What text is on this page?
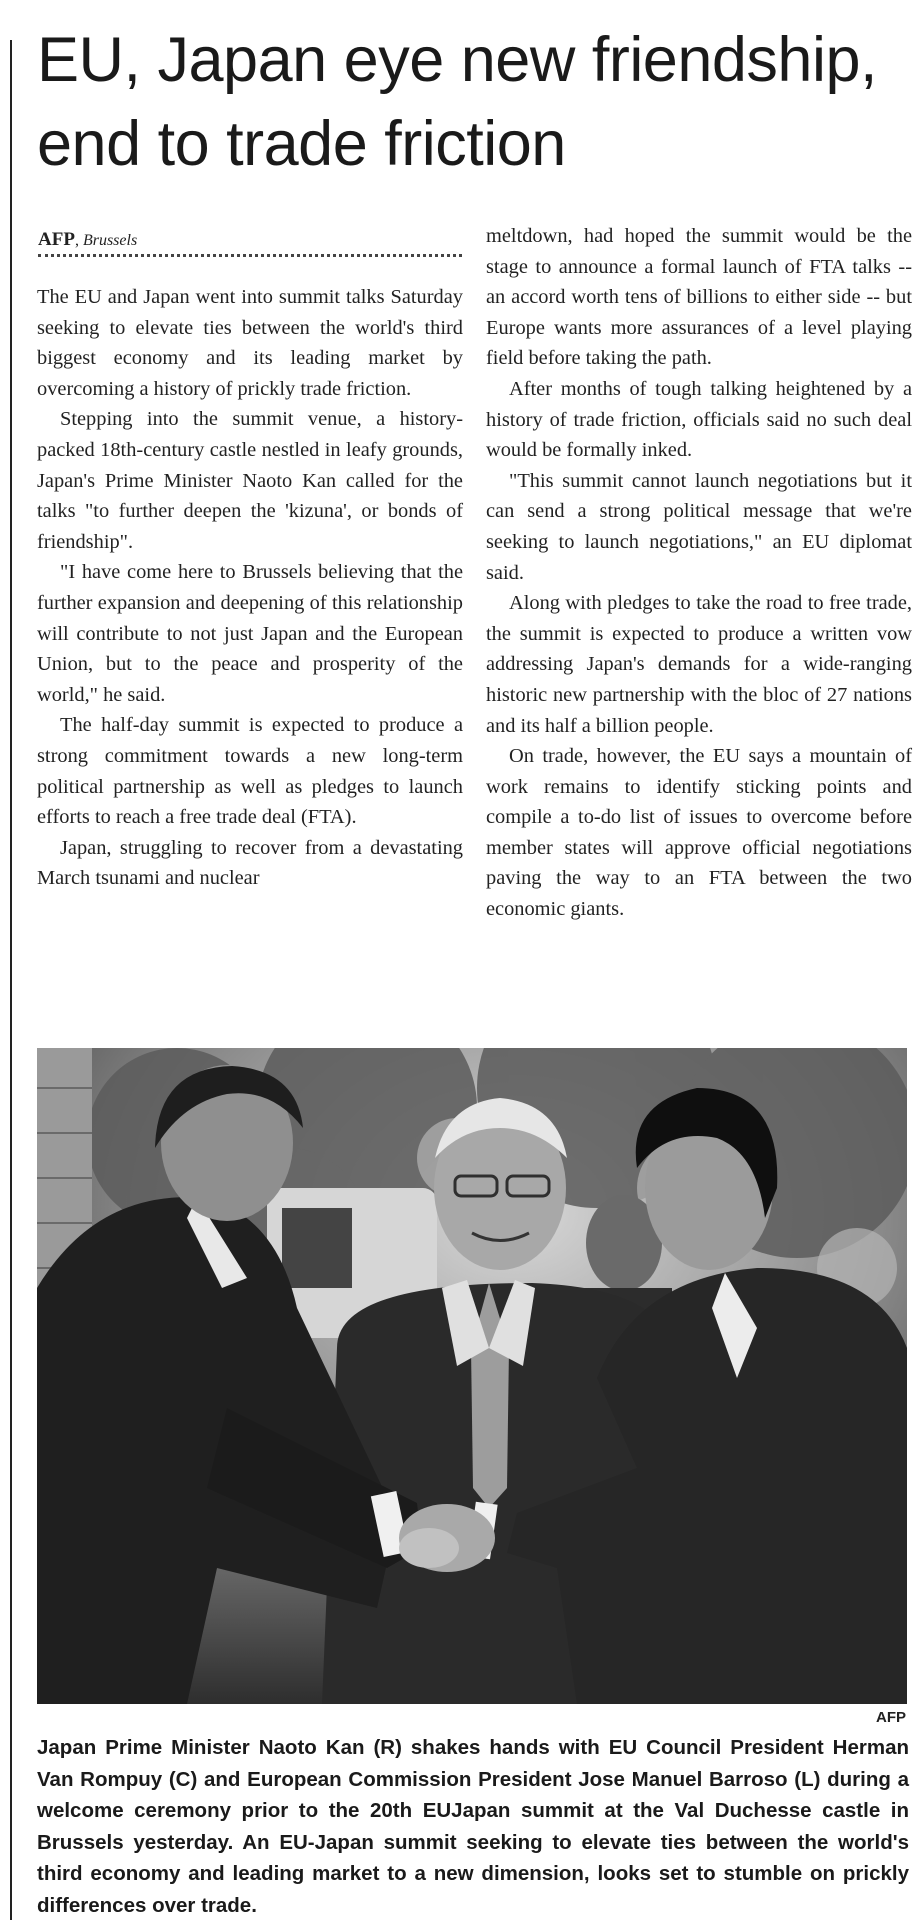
EU, Japan eye new friendship, end to trade friction
AFP, Brussels

The EU and Japan went into summit talks Saturday seeking to elevate ties between the world's third biggest economy and its leading market by overcoming a history of prickly trade friction.

Stepping into the summit venue, a history-packed 18th-century castle nestled in leafy grounds, Japan's Prime Minister Naoto Kan called for the talks "to further deepen the 'kizuna', or bonds of friendship".

"I have come here to Brussels believing that the further expansion and deepening of this relationship will contribute to not just Japan and the European Union, but to the peace and prosperity of the world," he said.

The half-day summit is expected to produce a strong commitment towards a new long-term political partnership as well as pledges to launch efforts to reach a free trade deal (FTA).

Japan, struggling to recover from a devastating March tsunami and nuclear

meltdown, had hoped the summit would be the stage to announce a formal launch of FTA talks -- an accord worth tens of billions to either side -- but Europe wants more assurances of a level playing field before taking the path.

After months of tough talking heightened by a history of trade friction, officials said no such deal would be formally inked.

"This summit cannot launch negotiations but it can send a strong political message that we're seeking to launch negotiations," an EU diplomat said.

Along with pledges to take the road to free trade, the summit is expected to produce a written vow addressing Japan's demands for a wide-ranging historic new partnership with the bloc of 27 nations and its half a billion people.

On trade, however, the EU says a mountain of work remains to identify sticking points and compile a to-do list of issues to overcome before member states will approve official negotiations paving the way to an FTA between the two economic giants.

AFP

Japan Prime Minister Naoto Kan (R) shakes hands with EU Council President Herman Van Rompuy (C) and European Commission President Jose Manuel Barroso (L) during a welcome ceremony prior to the 20th EUJapan summit at the Val Duchesse castle in Brussels yesterday. An EU-Japan summit seeking to elevate ties between the world's third economy and leading market to a new dimension, looks set to stumble on prickly differences over trade.
